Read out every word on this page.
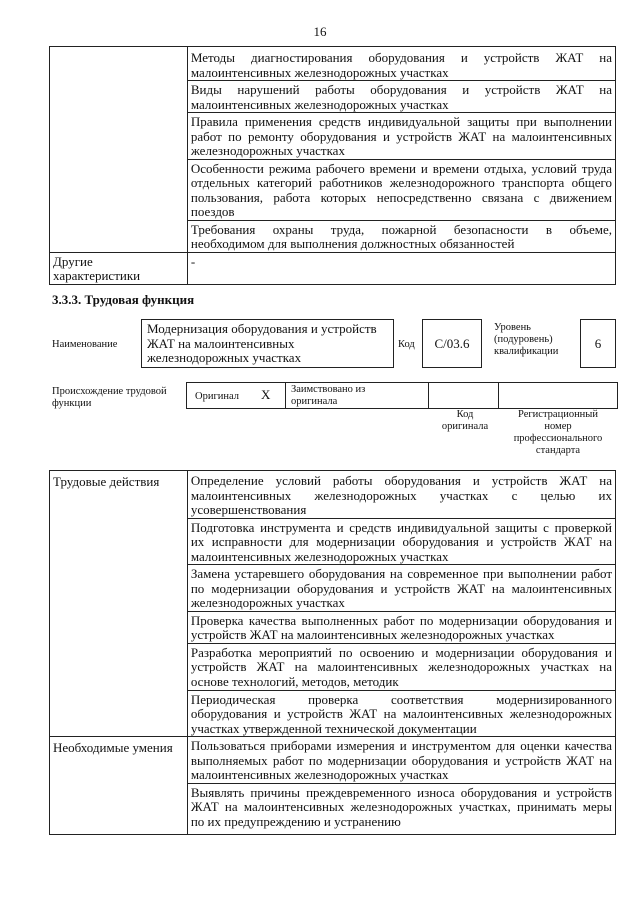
16

	Методы диагностирования оборудования и устройств ЖАТ на
малоинтенсивных железнодорожных участках

	Виды нарушений работы оборудования и устройств ЖАТ на
малоинтенсивных железнодорожных участках

	Правила применения средств индивидуальной защиты при выполнении
работ по ремонту оборудования и устройств ЖАТ на малоинтенсивных
железнодорожных участках

	Особенности режима рабочего времени и времени отдыха, условий труда
отдельных категорий работников железнодорожного транспорта общего
пользования, работа которых непосредственно связана с движением
поездов

	Требования охраны труда, пожарной безопасности в объеме,
необходимом для выполнения должностных обязанностей

Другие
характеристики	-
3.3.3. Трудовая функция
Наименование
Модернизация оборудования и устройств
ЖАТ на малоинтенсивных
железнодорожных участках
Код	С/03.6
Уровень
(подуровень)
квалификации
6
Происхождение трудовой
функции
Оригинал X Заимствовано из
оригинала
Код
оригинала
Регистрационный
номер
профессионального
стандарта
Трудовые действия	Определение условий работы оборудования и устройств ЖАТ на
малоинтенсивных железнодорожных участках с целью их
усовершенствования

	Подготовка инструмента и средств индивидуальной защиты с проверкой
их исправности для модернизации оборудования и устройств ЖАТ на
малоинтенсивных железнодорожных участках

	Замена устаревшего оборудования на современное при выполнении работ
по модернизации оборудования и устройств ЖАТ на малоинтенсивных
железнодорожных участках

	Проверка качества выполненных работ по модернизации оборудования и
устройств ЖАТ на малоинтенсивных железнодорожных участках

	Разработка мероприятий по освоению и модернизации оборудования и
устройств ЖАТ на малоинтенсивных железнодорожных участках на
основе технологий, методов, методик

	Периодическая проверка соответствия модернизированного
оборудования и устройств ЖАТ на малоинтенсивных железнодорожных
участках утвержденной технической документации

Необходимые умения	Пользоваться приборами измерения и инструментом для оценки качества
выполняемых работ по модернизации оборудования и устройств ЖАТ на
малоинтенсивных железнодорожных участках

	Выявлять причины преждевременного износа оборудования и устройств
ЖАТ на малоинтенсивных железнодорожных участках, принимать меры
по их предупреждению и устранению
